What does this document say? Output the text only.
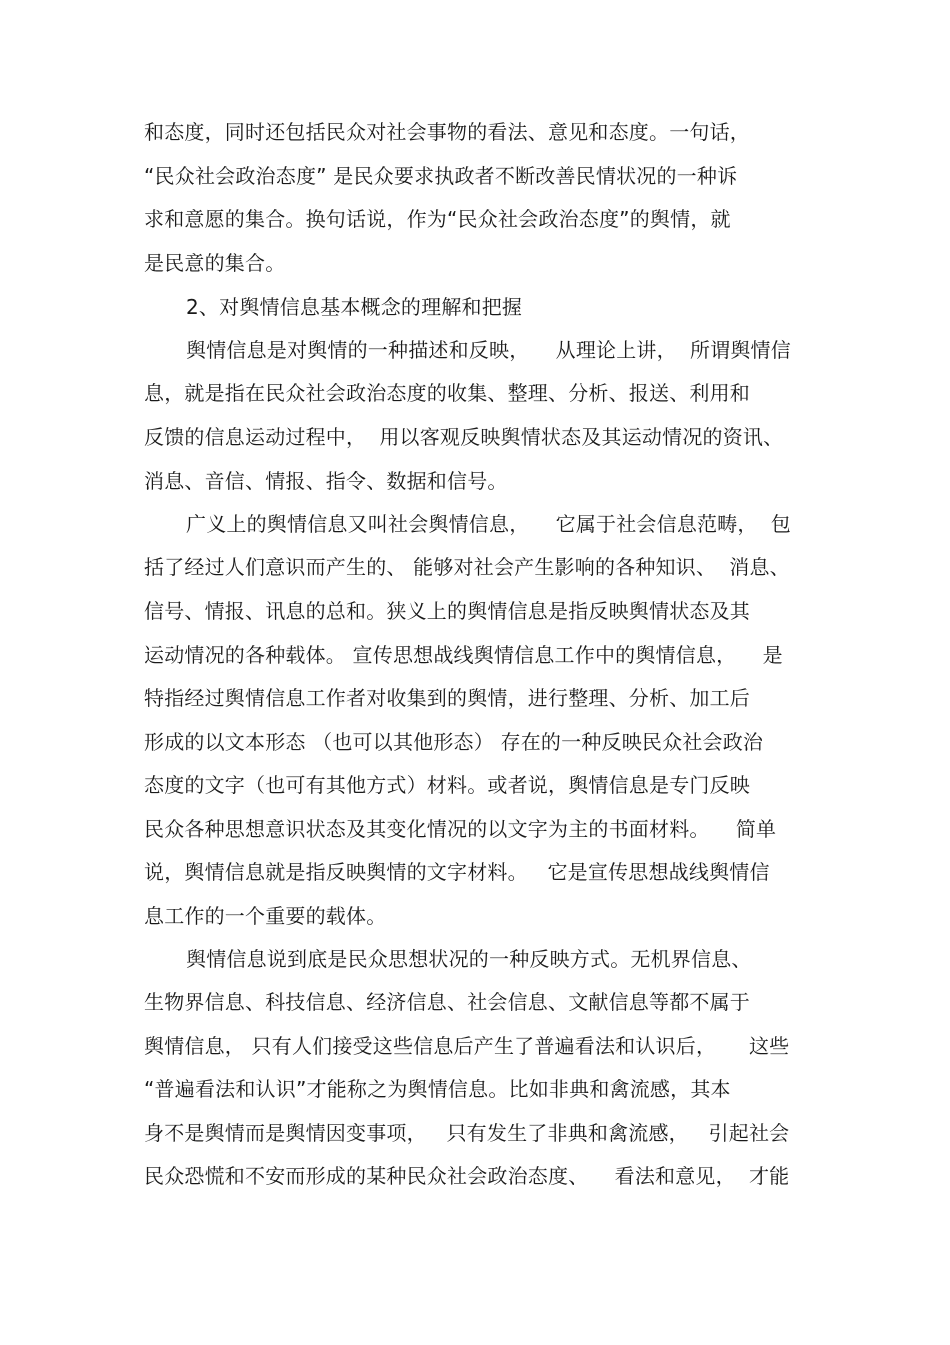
和态度，同时还包括民众对社会事物的看法、意见和态度。一句话，
“民众社会政治态度” 是民众要求执政者不断改善民情状况的一种诉
求和意愿的集合。换句话说，作为“民众社会政治态度”的舆情，就
是民意的集合。
2、对舆情信息基本概念的理解和把握
舆情信息是对舆情的一种描述和反映，    从理论上讲，  所谓舆情信
息，就是指在民众社会政治态度的收集、整理、分析、报送、利用和
反馈的信息运动过程中，  用以客观反映舆情状态及其运动情况的资讯、
消息、音信、情报、指令、数据和信号。
广义上的舆情信息又叫社会舆情信息，    它属于社会信息范畴，  包
括了经过人们意识而产生的、 能够对社会产生影响的各种知识、  消息、
信号、情报、讯息的总和。狭义上的舆情信息是指反映舆情状态及其
运动情况的各种载体。 宣传思想战线舆情信息工作中的舆情信息，    是
特指经过舆情信息工作者对收集到的舆情，进行整理、分析、加工后
形成的以文本形态 （也可以其他形态） 存在的一种反映民众社会政治
态度的文字（也可有其他方式）材料。或者说，舆情信息是专门反映
民众各种思想意识状态及其变化情况的以文字为主的书面材料。    简单
说，舆情信息就是指反映舆情的文字材料。   它是宣传思想战线舆情信
息工作的一个重要的载体。
舆情信息说到底是民众思想状况的一种反映方式。无机界信息、
生物界信息、科技信息、经济信息、社会信息、文献信息等都不属于
舆情信息， 只有人们接受这些信息后产生了普遍看法和认识后，     这些
“普遍看法和认识”才能称之为舆情信息。比如非典和禽流感，其本
身不是舆情而是舆情因变事项，   只有发生了非典和禽流感，   引起社会
民众恐慌和不安而形成的某种民众社会政治态度、    看法和意见，  才能
